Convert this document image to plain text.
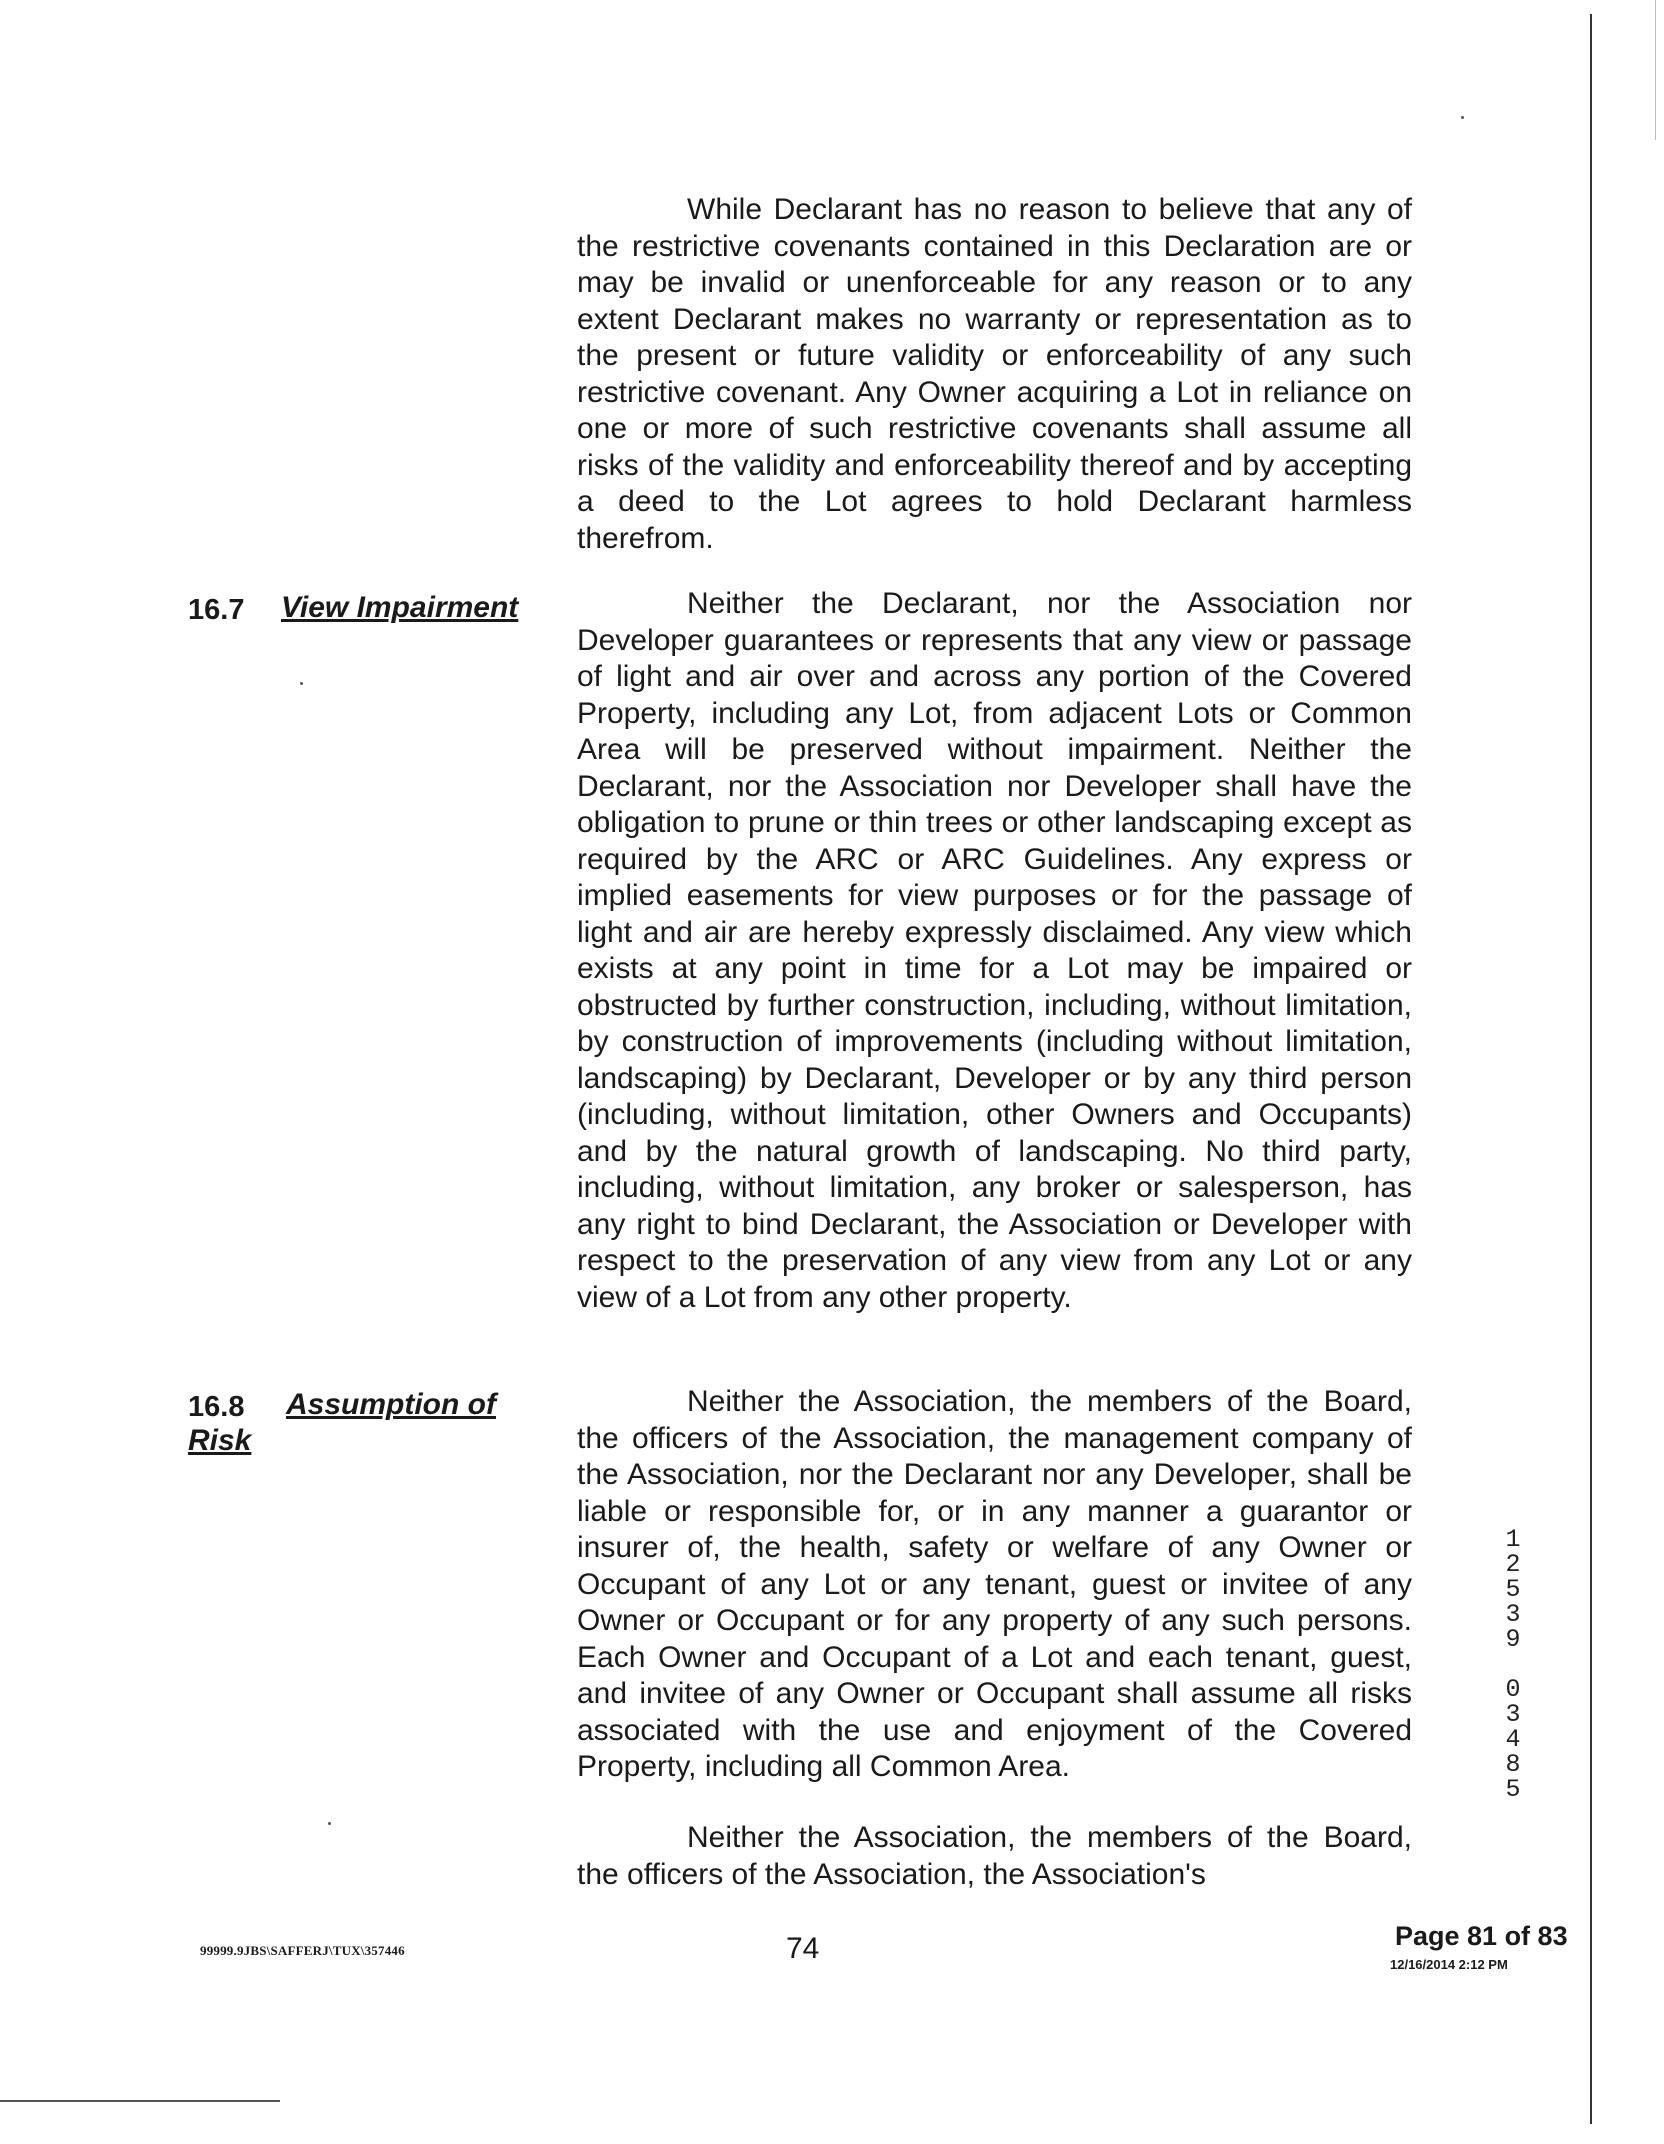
While Declarant has no reason to believe that any of the restrictive covenants contained in this Declaration are or may be invalid or unenforceable for any reason or to any extent Declarant makes no warranty or representation as to the present or future validity or enforceability of any such restrictive covenant. Any Owner acquiring a Lot in reliance on one or more of such restrictive covenants shall assume all risks of the validity and enforceability thereof and by accepting a deed to the Lot agrees to hold Declarant harmless therefrom.

16.7 View Impairment	Neither the Declarant, nor the Association nor Developer guarantees or represents that any view or passage of light and air over and across any portion of the Covered Property, including any Lot, from adjacent Lots or Common Area will be preserved without impairment. Neither the Declarant, nor the Association nor Developer shall have the obligation to prune or thin trees or other landscaping except as required by the ARC or ARC Guidelines. Any express or implied easements for view purposes or for the passage of light and air are hereby expressly disclaimed. Any view which exists at any point in time for a Lot may be impaired or obstructed by further construction, including, without limitation, by construction of improvements (including without limitation, landscaping) by Declarant, Developer or by any third person (including, without limitation, other Owners and Occupants) and by the natural growth of landscaping. No third party, including, without limitation, any broker or salesperson, has any right to bind Declarant, the Association or Developer with respect to the preservation of any view from any Lot or any view of a Lot from any other property.

16.8 Assumption of
Risk

Neither the Association, the members of the Board, the officers of the Association, the management company of the Association, nor the Declarant nor any Developer, shall be liable or responsible for, or in any manner a guarantor or insurer of, the health, safety or welfare of any Owner or Occupant of any Lot or any tenant, guest or invitee of any Owner or Occupant or for any property of any such persons. Each Owner and Occupant of a Lot and each tenant, guest, and invitee of any Owner or Occupant shall assume all risks associated with the use and enjoyment of the Covered Property, including all Common Area.

Neither the Association, the members of the Board, the officers of the Association, the Association's

1
2
5
3
9

0
3
4
8
5
99999.9JBS\SAFFERJ\TUX\357446	74	Page 81 of 83
12/16/2014 2:12 PM
